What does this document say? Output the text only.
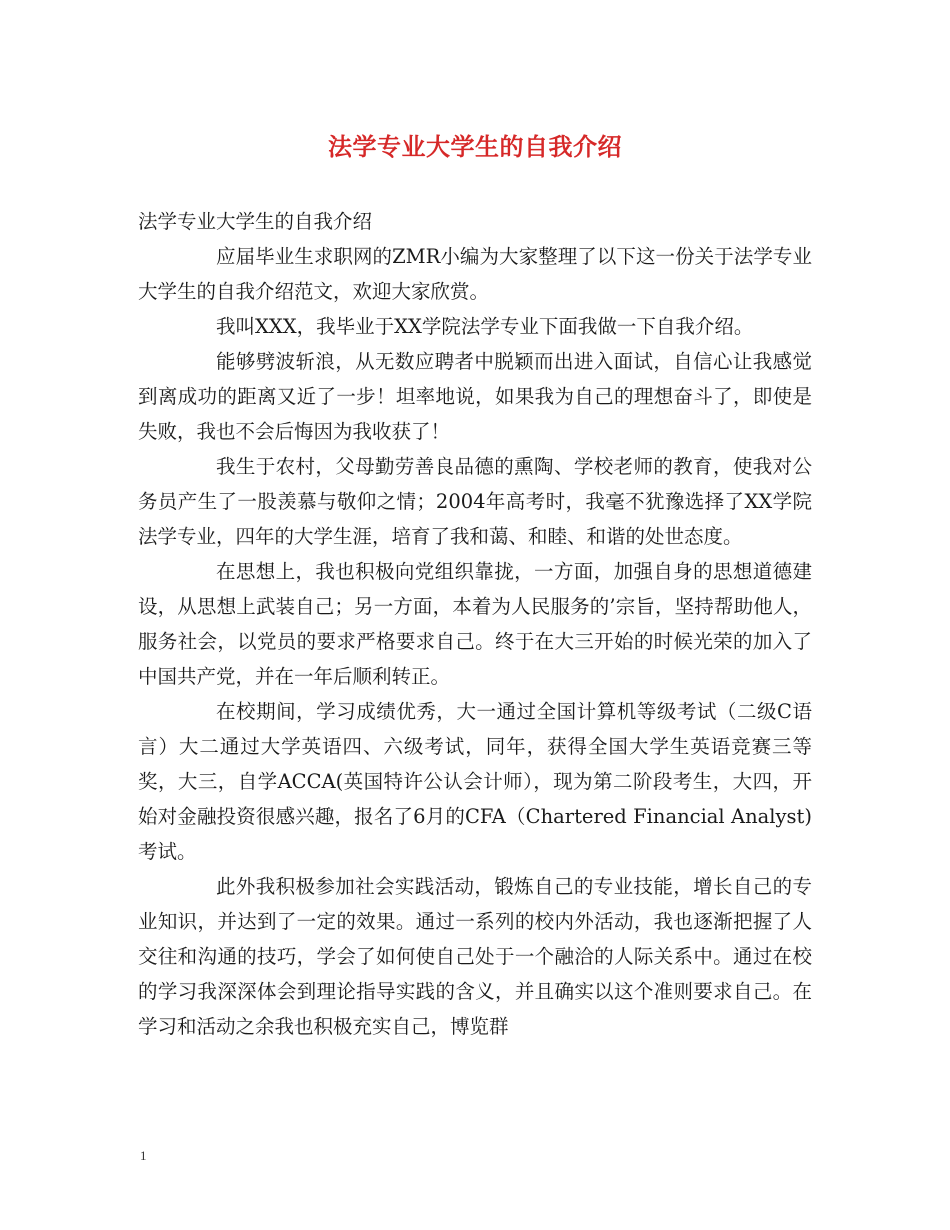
法学专业大学生的自我介绍

法学专业大学生的自我介绍

应届毕业生求职网的ZMR小编为大家整理了以下这一份关于法学专业大学生的自我介绍范文，欢迎大家欣赏。

我叫XXX，我毕业于XX学院法学专业下面我做一下自我介绍。

能够劈波斩浪，从无数应聘者中脱颖而出进入面试，自信心让我感觉到离成功的距离又近了一步！坦率地说，如果我为自己的理想奋斗了，即使是失败，我也不会后悔因为我收获了！

我生于农村，父母勤劳善良品德的熏陶、学校老师的教育，使我对公务员产生了一股羡慕与敬仰之情；2004年高考时，我毫不犹豫选择了XX学院法学专业，四年的大学生涯，培育了我和蔼、和睦、和谐的处世态度。

在思想上，我也积极向党组织靠拢，一方面，加强自身的思想道德建设，从思想上武装自己；另一方面，本着为人民服务的’宗旨，坚持帮助他人，服务社会，以党员的要求严格要求自己。终于在大三开始的时候光荣的加入了中国共产党，并在一年后顺利转正。

在校期间，学习成绩优秀，大一通过全国计算机等级考试（二级C语言）大二通过大学英语四、六级考试，同年，获得全国大学生英语竞赛三等奖，大三，自学ACCA(英国特许公认会计师），现为第二阶段考生，大四，开始对金融投资很感兴趣，报名了6月的CFA（Chartered Financial Analyst)考试。

此外我积极参加社会实践活动，锻炼自己的专业技能，增长自己的专业知识，并达到了一定的效果。通过一系列的校内外活动，我也逐渐把握了人交往和沟通的技巧，学会了如何使自己处于一个融洽的人际关系中。通过在校的学习我深深体会到理论指导实践的含义，并且确实以这个准则要求自己。在学习和活动之余我也积极充实自己，博览群

1
